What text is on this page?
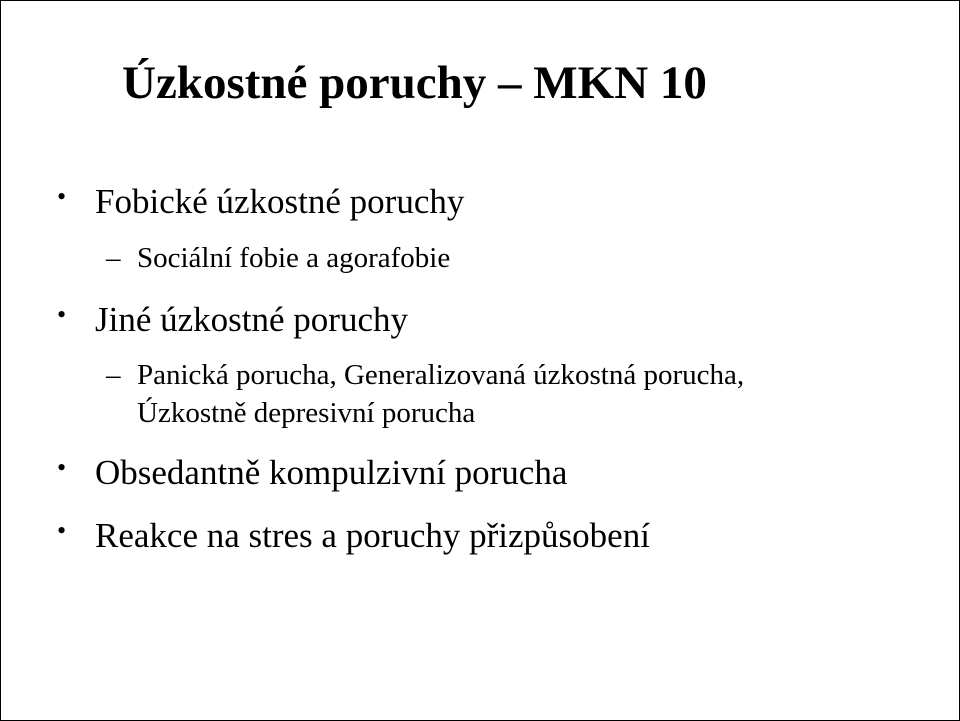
Úzkostné poruchy – MKN 10
• Fobické úzkostné poruchy
– Sociální fobie a agorafobie
• Jiné úzkostné poruchy
– Panická porucha, Generalizovaná úzkostná porucha,
Úzkostně depresivní porucha
• Obsedantně kompulzivní porucha
• Reakce na stres a poruchy přizpůsobení
